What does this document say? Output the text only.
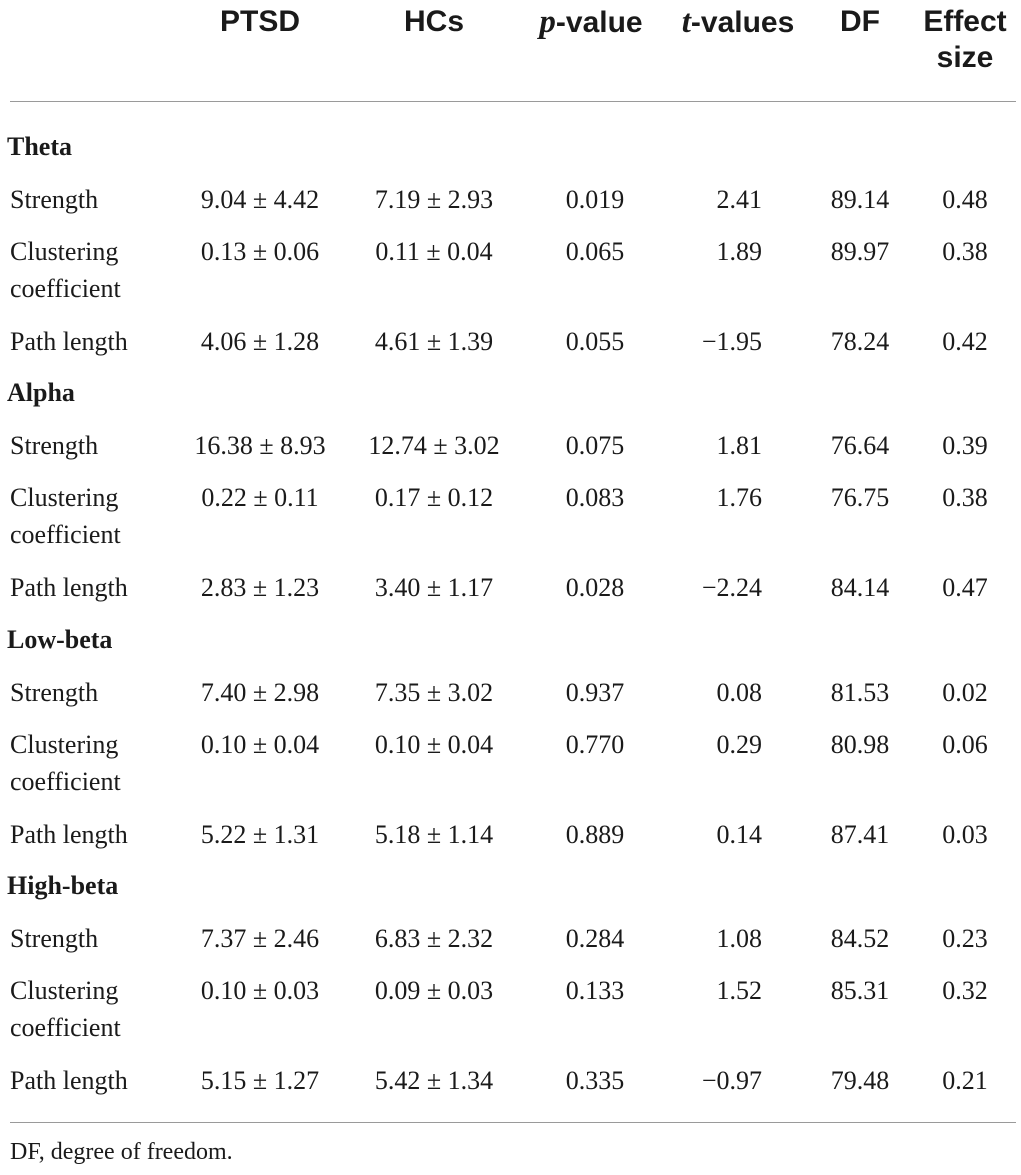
PTSD	HCs	p-value	t-values	DF	Effect
size
Theta
Strength	9.04 ± 4.42	7.19 ± 2.93	0.019	2.41	89.14	0.48
Clustering
coefficient
0.13 ± 0.06	0.11 ± 0.04	0.065	1.89	89.97	0.38
Path length	4.06 ± 1.28	4.61 ± 1.39	0.055	−1.95	78.24	0.42
Alpha
Strength	16.38 ± 8.93	12.74 ± 3.02	0.075	1.81	76.64	0.39
Clustering
coefficient
0.22 ± 0.11	0.17 ± 0.12	0.083	1.76	76.75	0.38
Path length	2.83 ± 1.23	3.40 ± 1.17	0.028	−2.24	84.14	0.47
Low-beta
Strength	7.40 ± 2.98	7.35 ± 3.02	0.937	0.08	81.53	0.02
Clustering
coefficient
0.10 ± 0.04	0.10 ± 0.04	0.770	0.29	80.98	0.06
Path length	5.22 ± 1.31	5.18 ± 1.14	0.889	0.14	87.41	0.03
High-beta
Strength	7.37 ± 2.46	6.83 ± 2.32	0.284	1.08	84.52	0.23
Clustering
coefficient
0.10 ± 0.03	0.09 ± 0.03	0.133	1.52	85.31	0.32
Path length	5.15 ± 1.27	5.42 ± 1.34	0.335	−0.97	79.48	0.21
DF, degree of freedom.
